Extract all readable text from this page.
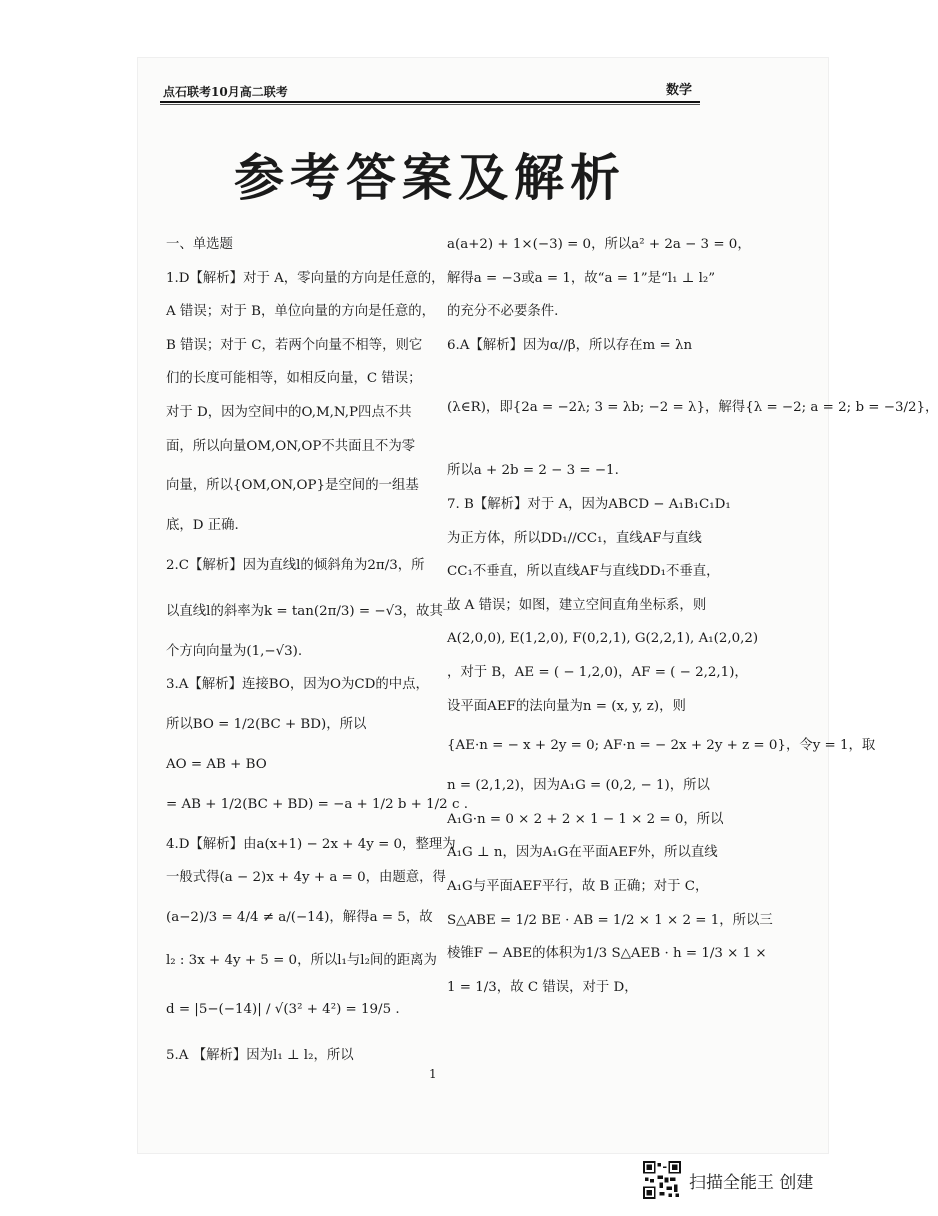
点石联考10月高二联考	数学
参考答案及解析
一、单选题
1.D【解析】对于 A，零向量的方向是任意的，
A 错误；对于 B，单位向量的方向是任意的，
B 错误；对于 C，若两个向量不相等，则它
们的长度可能相等，如相反向量，C 错误；
对于 D，因为空间中的O,M,N,P四点不共
面，所以向量OM,ON,OP不共面且不为零
向量，所以{OM,ON,OP}是空间的一组基
底，D 正确.
2.C【解析】因为直线l的倾斜角为2π/3，所
以直线l的斜率为k = tan(2π/3) = −√3，故其一
个方向向量为(1,−√3).
3.A【解析】连接BO，因为O为CD的中点，
所以BO = 1/2(BC + BD)，所以
AO = AB + BO
= AB + 1/2(BC + BD) = −a + 1/2 b + 1/2 c .
4.D【解析】由a(x+1) − 2x + 4y = 0，整理为
一般式得(a − 2)x + 4y + a = 0，由题意，得
(a−2)/3 = 4/4 ≠ a/(−14)，解得a = 5，故
l₂ : 3x + 4y + 5 = 0，所以l₁与l₂间的距离为
d = |5−(−14)| / √(3² + 4²) = 19/5 .
5.A 【解析】因为l₁ ⊥ l₂，所以
a(a+2) + 1×(−3) = 0，所以a² + 2a − 3 = 0，
解得a = −3或a = 1，故“a = 1”是“l₁ ⊥ l₂”
的充分不必要条件.
6.A【解析】因为α//β，所以存在m = λn
(λ∈R)，即{2a = −2λ; 3 = λb; −2 = λ}，解得{λ = −2; a = 2; b = −3/2}，
所以a + 2b = 2 − 3 = −1.
7. B【解析】对于 A，因为ABCD − A₁B₁C₁D₁
为正方体，所以DD₁//CC₁，直线AF与直线
CC₁不垂直，所以直线AF与直线DD₁不垂直，
故 A 错误；如图，建立空间直角坐标系，则
A(2,0,0), E(1,2,0), F(0,2,1), G(2,2,1), A₁(2,0,2)
，对于 B，AE = ( − 1,2,0)，AF = ( − 2,2,1)，
设平面AEF的法向量为n = (x, y, z)，则
{AE·n = − x + 2y = 0; AF·n = − 2x + 2y + z = 0}，令y = 1，取
n = (2,1,2)，因为A₁G = (0,2, − 1)，所以
A₁G·n = 0 × 2 + 2 × 1 − 1 × 2 = 0，所以
A₁G ⊥ n，因为A₁G在平面AEF外，所以直线
A₁G与平面AEF平行，故 B 正确；对于 C，
S△ABE = 1/2 BE · AB = 1/2 × 1 × 2 = 1，所以三
棱锥F − ABE的体积为1/3 S△AEB · h = 1/3 × 1 ×
1 = 1/3，故 C 错误，对于 D，
1
扫描全能王 创建
